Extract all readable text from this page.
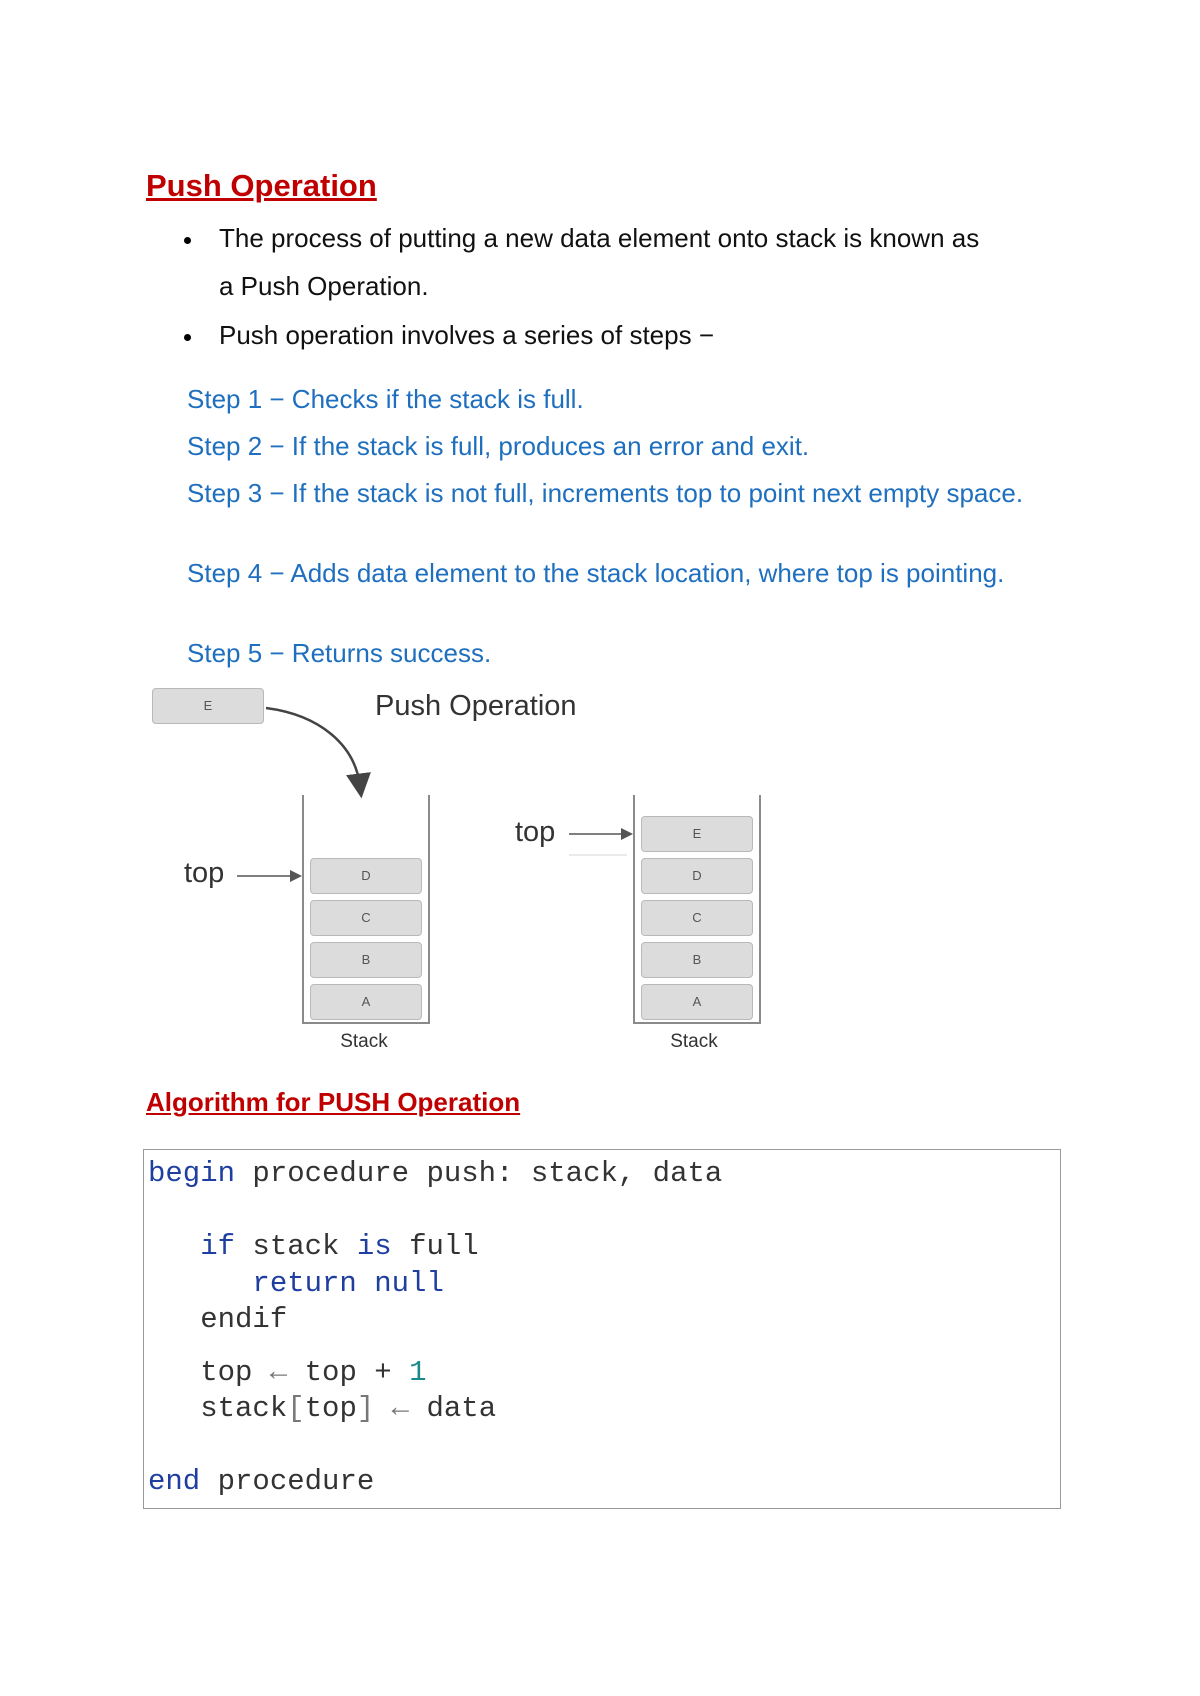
Push Operation
The process of putting a new data element onto stack is known as
a Push Operation.
Push operation involves a series of steps −
Step 1 − Checks if the stack is full.
Step 2 − If the stack is full, produces an error and exit.
Step 3 − If the stack is not full, increments top to point next empty space.
Step 4 − Adds data element to the stack location, where top is pointing.
Step 5 − Returns success.
E	Push Operation
top	D
C
B
A
Stack
top	E
D
C
B
A
Stack
Algorithm for PUSH Operation
begin procedure push: stack, data

if stack is full
return null
endif

top ← top + 1
stack[top] ← data

end procedure
